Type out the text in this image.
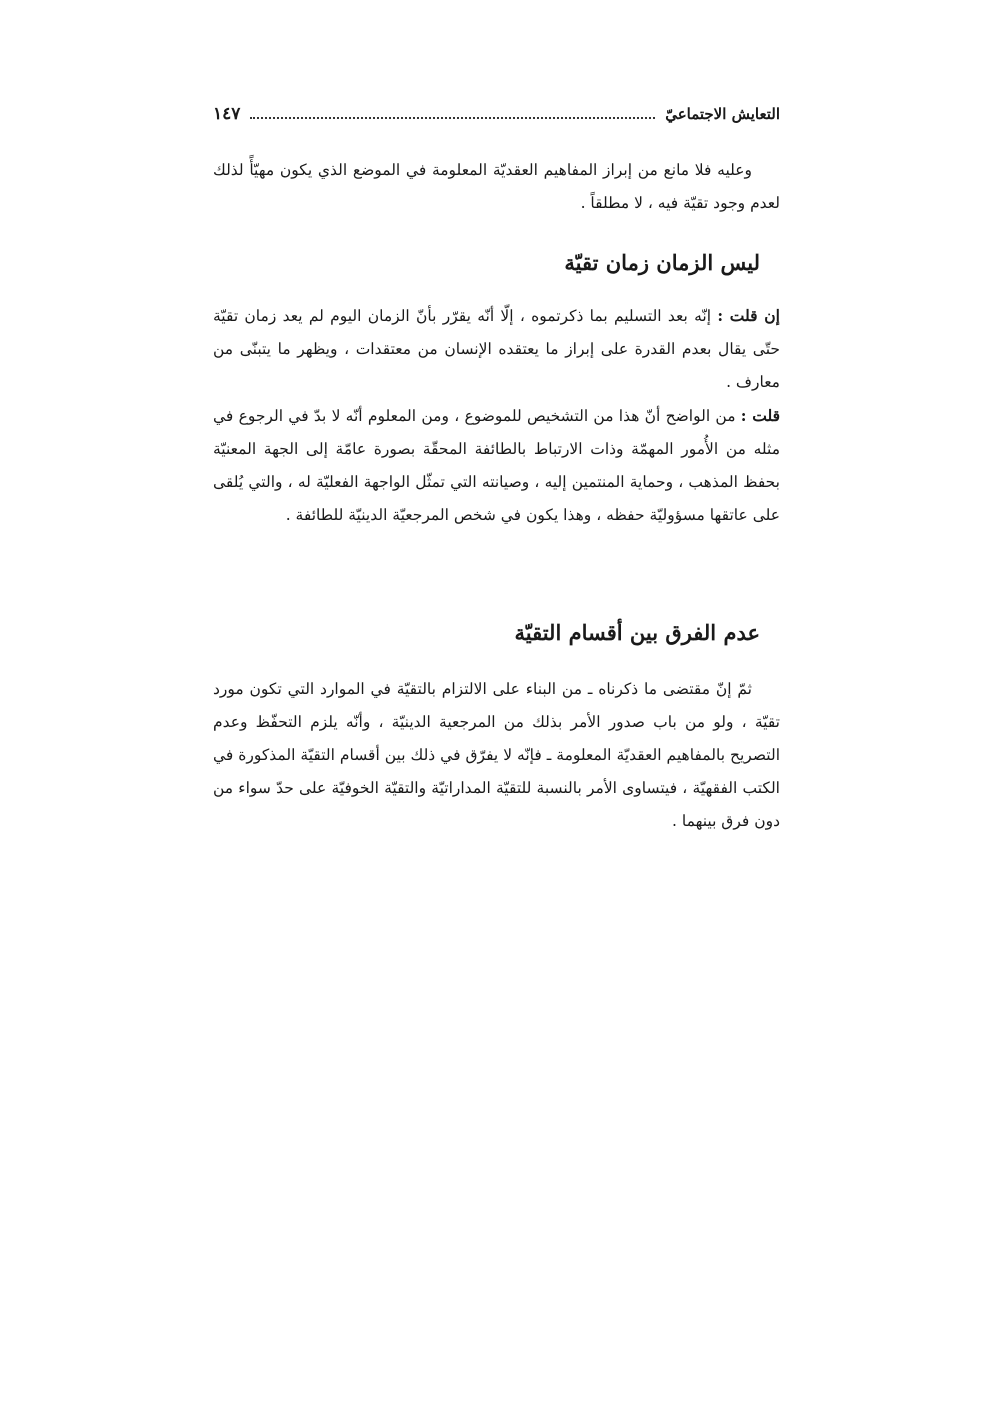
التعايش الاجتماعيّ
١٤٧

وعليه فلا مانع من إبراز المفاهيم العقديّة المعلومة في الموضع الذي يكون مهيّأً لذلك لعدم وجود تقيّة فيه ، لا مطلقاً .

ليس الزمان زمان تقيّة

إن قلت : إنّه بعد التسليم بما ذكرتموه ، إلّا أنّه يقرّر بأنّ الزمان اليوم لم يعد زمان تقيّة حتّى يقال بعدم القدرة على إبراز ما يعتقده الإنسان من معتقدات ، ويظهر ما يتبنّى من معارف .

قلت : من الواضح أنّ هذا من التشخيص للموضوع ، ومن المعلوم أنّه لا بدّ في الرجوع في مثله من الأُمور المهمّة وذات الارتباط بالطائفة المحقّة بصورة عامّة إلى الجهة المعنيّة بحفظ المذهب ، وحماية المنتمين إليه ، وصيانته التي تمثّل الواجهة الفعليّة له ، والتي يُلقى على عاتقها مسؤوليّة حفظه ، وهذا يكون في شخص المرجعيّة الدينيّة للطائفة .

عدم الفرق بين أقسام التقيّة

ثمّ إنّ مقتضى ما ذكرناه ـ من البناء على الالتزام بالتقيّة في الموارد التي تكون مورد تقيّة ، ولو من باب صدور الأمر بذلك من المرجعية الدينيّة ، وأنّه يلزم التحفّظ وعدم التصريح بالمفاهيم العقديّة المعلومة ـ فإنّه لا يفرّق في ذلك بين أقسام التقيّة المذكورة في الكتب الفقهيّة ، فيتساوى الأمر بالنسبة للتقيّة المداراتيّة والتقيّة الخوفيّة على حدّ سواء من دون فرق بينهما .
